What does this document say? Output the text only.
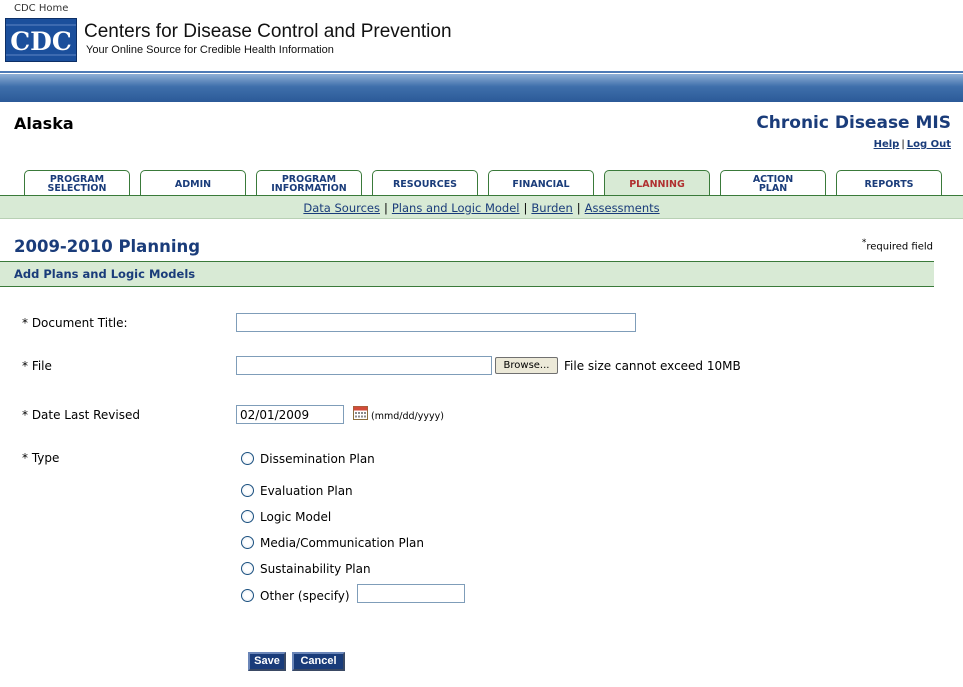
CDC Home
CDC Centers for Disease Control and Prevention
Your Online Source for Credible Health Information
Alaska	Chronic Disease MIS
Help | Log Out
PROGRAM
SELECTION	ADMIN	PROGRAM
INFORMATION	RESOURCES	FINANCIAL	PLANNING	ACTION
PLAN	REPORTS
Data Sources | Plans and Logic Model | Burden | Assessments
2009-2010 Planning	*required field
Add Plans and Logic Models
* Document Title:
* File	Browse...	File size cannot exceed 10MB
* Date Last Revised
02/01/2009	(mmd/dd/yyyy)
* Type	Dissemination Plan
Evaluation Plan
Logic Model
Media/Communication Plan
Sustainability Plan
Other (specify)
Save	Cancel
